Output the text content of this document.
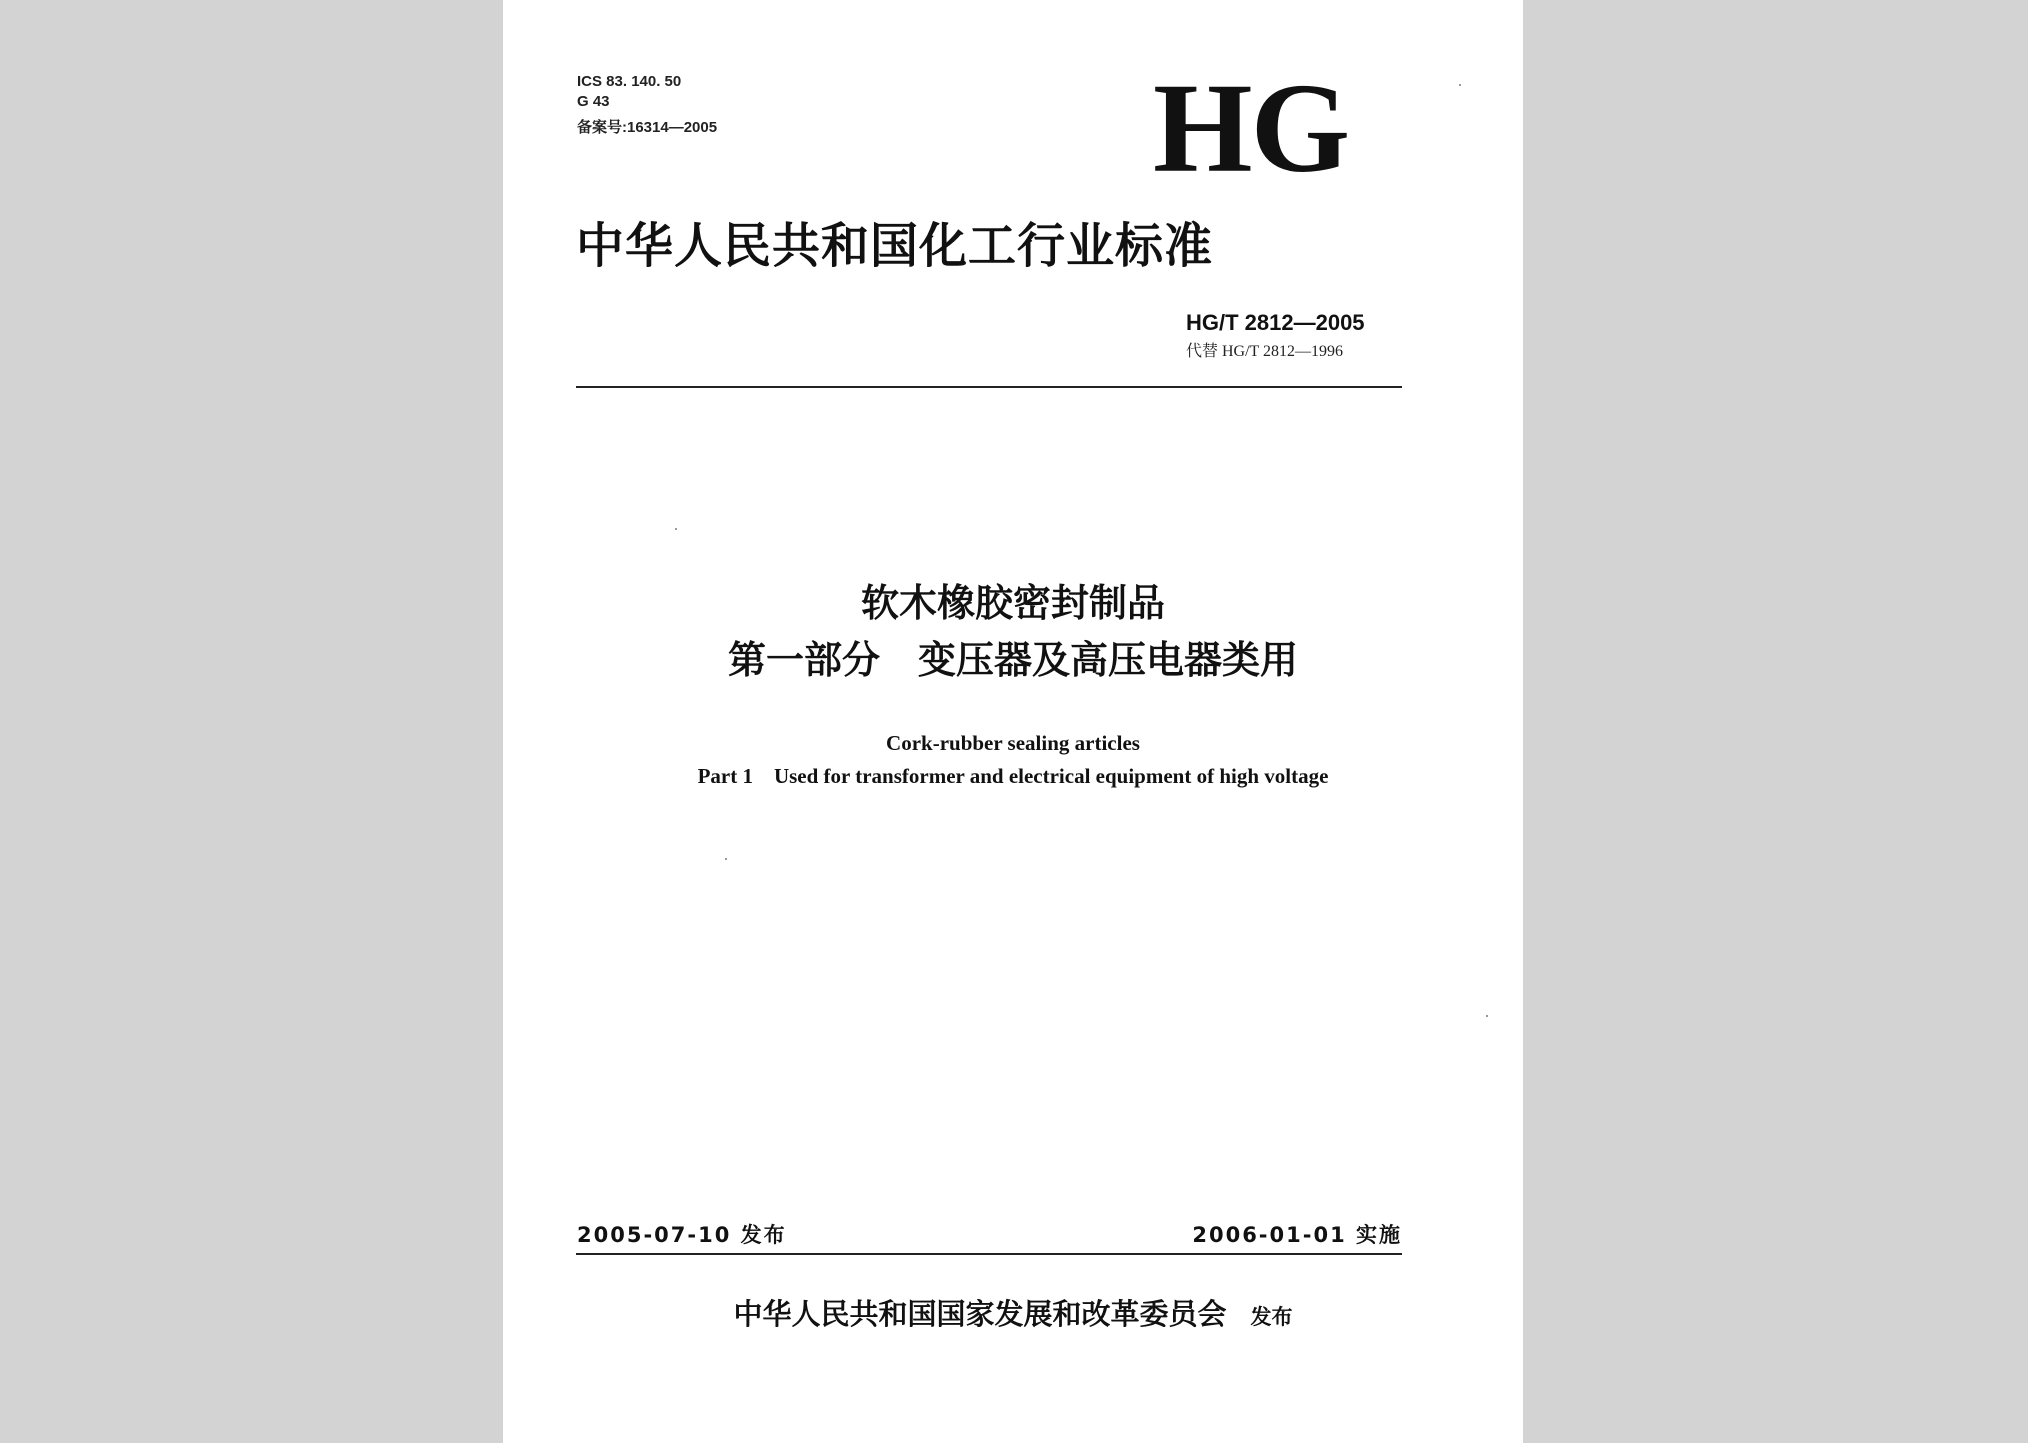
ICS 83. 140. 50
G 43
备案号:16314—2005	HG
中华人民共和国化工行业标准
HG/T 2812—2005
代替 HG/T 2812—1996
软木橡胶密封制品
第一部分　变压器及高压电器类用
Cork-rubber sealing articles
Part 1　Used for transformer and electrical equipment of high voltage
2005-07-10 发布	2006-01-01 实施
中华人民共和国国家发展和改革委员会 发布
